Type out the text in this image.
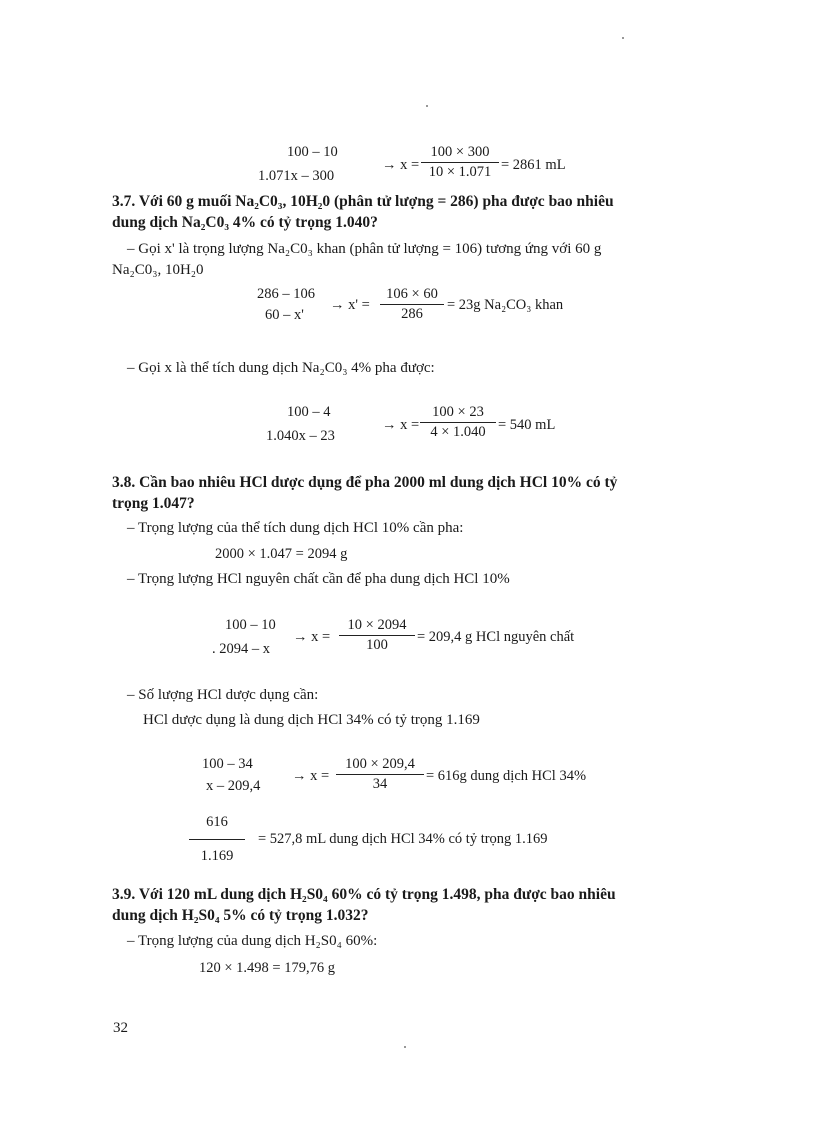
100 – 10
1.071x – 300
→ $x = \frac{100 \times 300}{10 \times 1.071} = 2861$ mL
3.7. Với 60 g muối Na₂C0₃, 10H₂0 (phân tử lượng = 286) pha được bao nhiêu
dung dịch Na₂C0₃ 4% có tỷ trọng 1.040?
– Gọi x' là trọng lượng Na₂C0₃ khan (phân tử lượng = 106) tương ứng với 60 g
Na₂C0₃, 10H₂0
286 – 106
60 – x'
→ $x' = \frac{106 \times 60}{286} = 23g$ Na₂CO₃ khan
– Gọi x là thể tích dung dịch Na₂C0₃ 4% pha được:
100 – 4
1.040x – 23
→ $x = \frac{100 \times 23}{4 \times 1.040} = 540$ mL
3.8. Cần bao nhiêu HCl dược dụng để pha 2000 ml dung dịch HCl 10% có tỷ
trọng 1.047?
– Trọng lượng của thể tích dung dịch HCl 10% cần pha:
2000 × 1.047 = 2094 g
– Trọng lượng HCl nguyên chất cần để pha dung dịch HCl 10%
100 – 10
. 2094 – x
→ $x = \frac{10 \times 2094}{100} = 209,4$ g HCl nguyên chất
– Số lượng HCl dược dụng cần:
HCl dược dụng là dung dịch HCl 34% có tỷ trọng 1.169
100 – 34
x – 209,4
→ $x = \frac{100 \times 209,4}{34} = 616g$ dung dịch HCl 34%
$\frac{616}{1.169} = 527,8$ mL dung dịch HCl 34% có tỷ trọng 1.169
3.9. Với 120 mL dung dịch H₂S0₄ 60% có tỷ trọng 1.498, pha được bao nhiêu
dung dịch H₂S0₄ 5% có tỷ trọng 1.032?
– Trọng lượng của dung dịch H₂S0₄ 60%:
120 × 1.498 = 179,76 g
32
